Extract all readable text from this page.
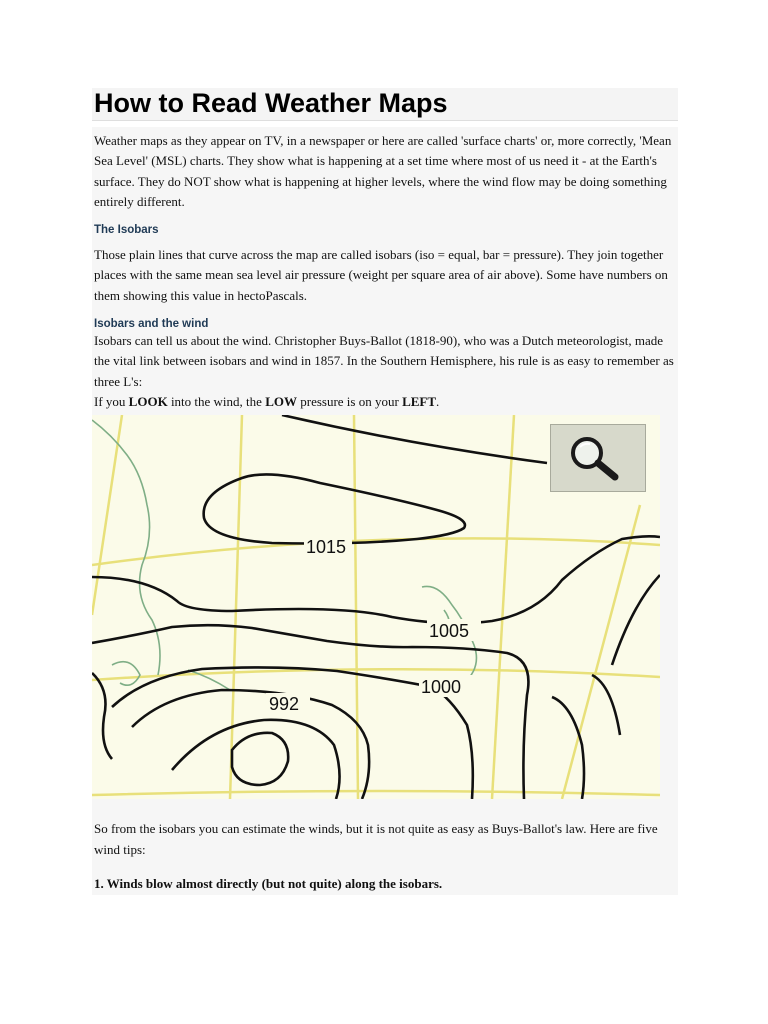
How to Read Weather Maps

Weather maps as they appear on TV, in a newspaper or here are called 'surface charts' or, more correctly, 'Mean Sea Level' (MSL) charts. They show what is happening at a set time where most of us need it - at the Earth's surface. They do NOT show what is happening at higher levels, where the wind flow may be doing something entirely different.

The Isobars

Those plain lines that curve across the map are called isobars (iso = equal, bar = pressure). They join together places with the same mean sea level air pressure (weight per square area of air above). Some have numbers on them showing this value in hectoPascals.

Isobars and the wind

Isobars can tell us about the wind. Christopher Buys-Ballot (1818-90), who was a Dutch meteorologist, made the vital link between isobars and wind in 1857. In the Southern Hemisphere, his rule is as easy to remember as three L's:

If you LOOK into the wind, the LOW pressure is on your LEFT.

1015
1005
1000
992

So from the isobars you can estimate the winds, but it is not quite as easy as Buys-Ballot's law. Here are five wind tips:

1. Winds blow almost directly (but not quite) along the isobars.
